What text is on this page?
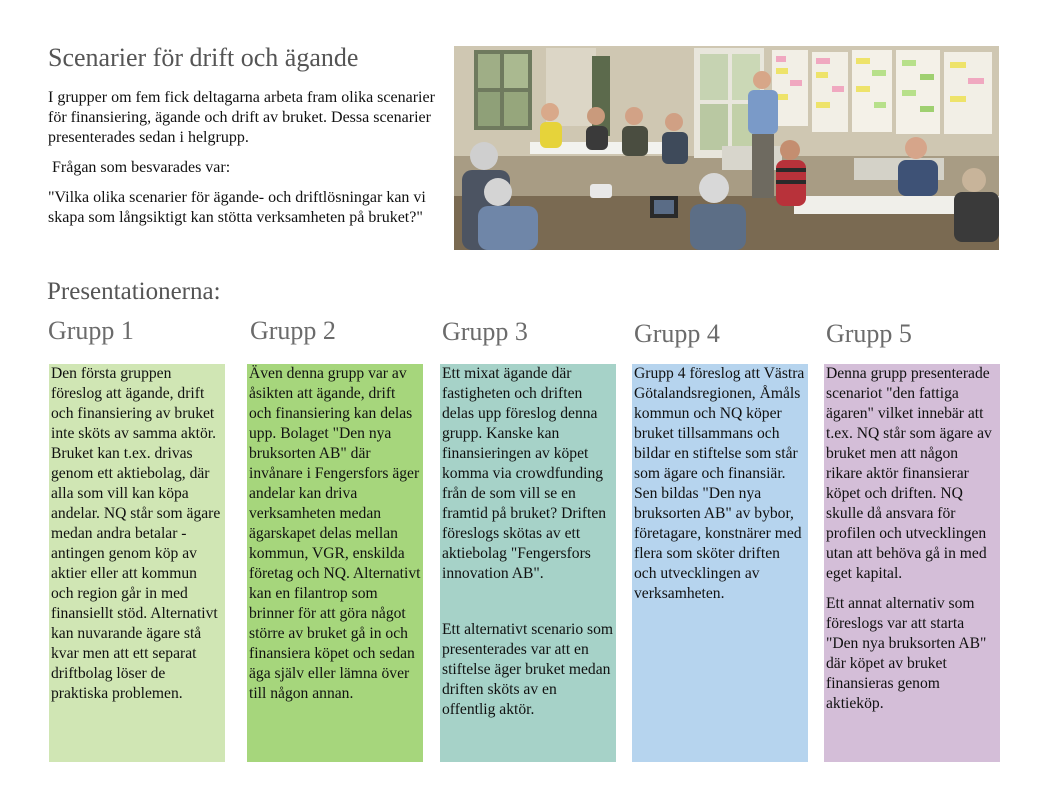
Scenarier för drift och ägande

I grupper om fem fick deltagarna arbeta fram olika scenarier för finansiering, ägande och drift av bruket. Dessa scenarier presenterades sedan i helgrupp.

Frågan som besvarades var:

"Vilka olika scenarier för ägande- och driftlösningar kan vi skapa som långsiktigt kan stötta verksamheten på bruket?"

Presentationerna:
Grupp 1

Den första gruppen föreslog att ägande, drift och finansiering av bruket inte sköts av samma aktör. Bruket kan t.ex. drivas genom ett aktiebolag, där alla som vill kan köpa andelar. NQ står som ägare medan andra betalar - antingen genom köp av aktier eller att kommun och region går in med finansiellt stöd. Alternativt kan nuvarande ägare stå kvar men att ett separat driftbolag löser de praktiska problemen.

Grupp 2

Även denna grupp var av åsikten att ägande, drift och finansiering kan delas upp. Bolaget "Den nya bruksorten AB" där invånare i Fengersfors äger andelar kan driva verksamheten medan ägarskapet delas mellan kommun, VGR, enskilda företag och NQ. Alternativt kan en filantrop som brinner för att göra något större av bruket gå in och finansiera köpet och sedan äga själv eller lämna över till någon annan.

Grupp 3

Ett mixat ägande där fastigheten och driften delas upp föreslog denna grupp. Kanske kan finansieringen av köpet komma via crowdfunding från de som vill se en framtid på bruket? Driften föreslogs skötas av ett aktiebolag "Fengersfors innovation AB".

Ett alternativt scenario som presenterades var att en stiftelse äger bruket medan driften sköts av en offentlig aktör.

Grupp 4

Grupp 4 föreslog att Västra Götalandsregionen, Åmåls kommun och NQ köper bruket tillsammans och bildar en stiftelse som står som ägare och finansiär. Sen bildas "Den nya bruksorten AB" av bybor, företagare, konstnärer med flera som sköter driften och utvecklingen av verksamheten.

Grupp 5

Denna grupp presenterade scenariot "den fattiga ägaren" vilket innebär att t.ex. NQ står som ägare av bruket men att någon rikare aktör finansierar köpet och driften. NQ skulle då ansvara för profilen och utvecklingen utan att behöva gå in med eget kapital.

Ett annat alternativ som föreslogs var att starta "Den nya bruksorten AB" där köpet av bruket finansieras genom aktieköp.
